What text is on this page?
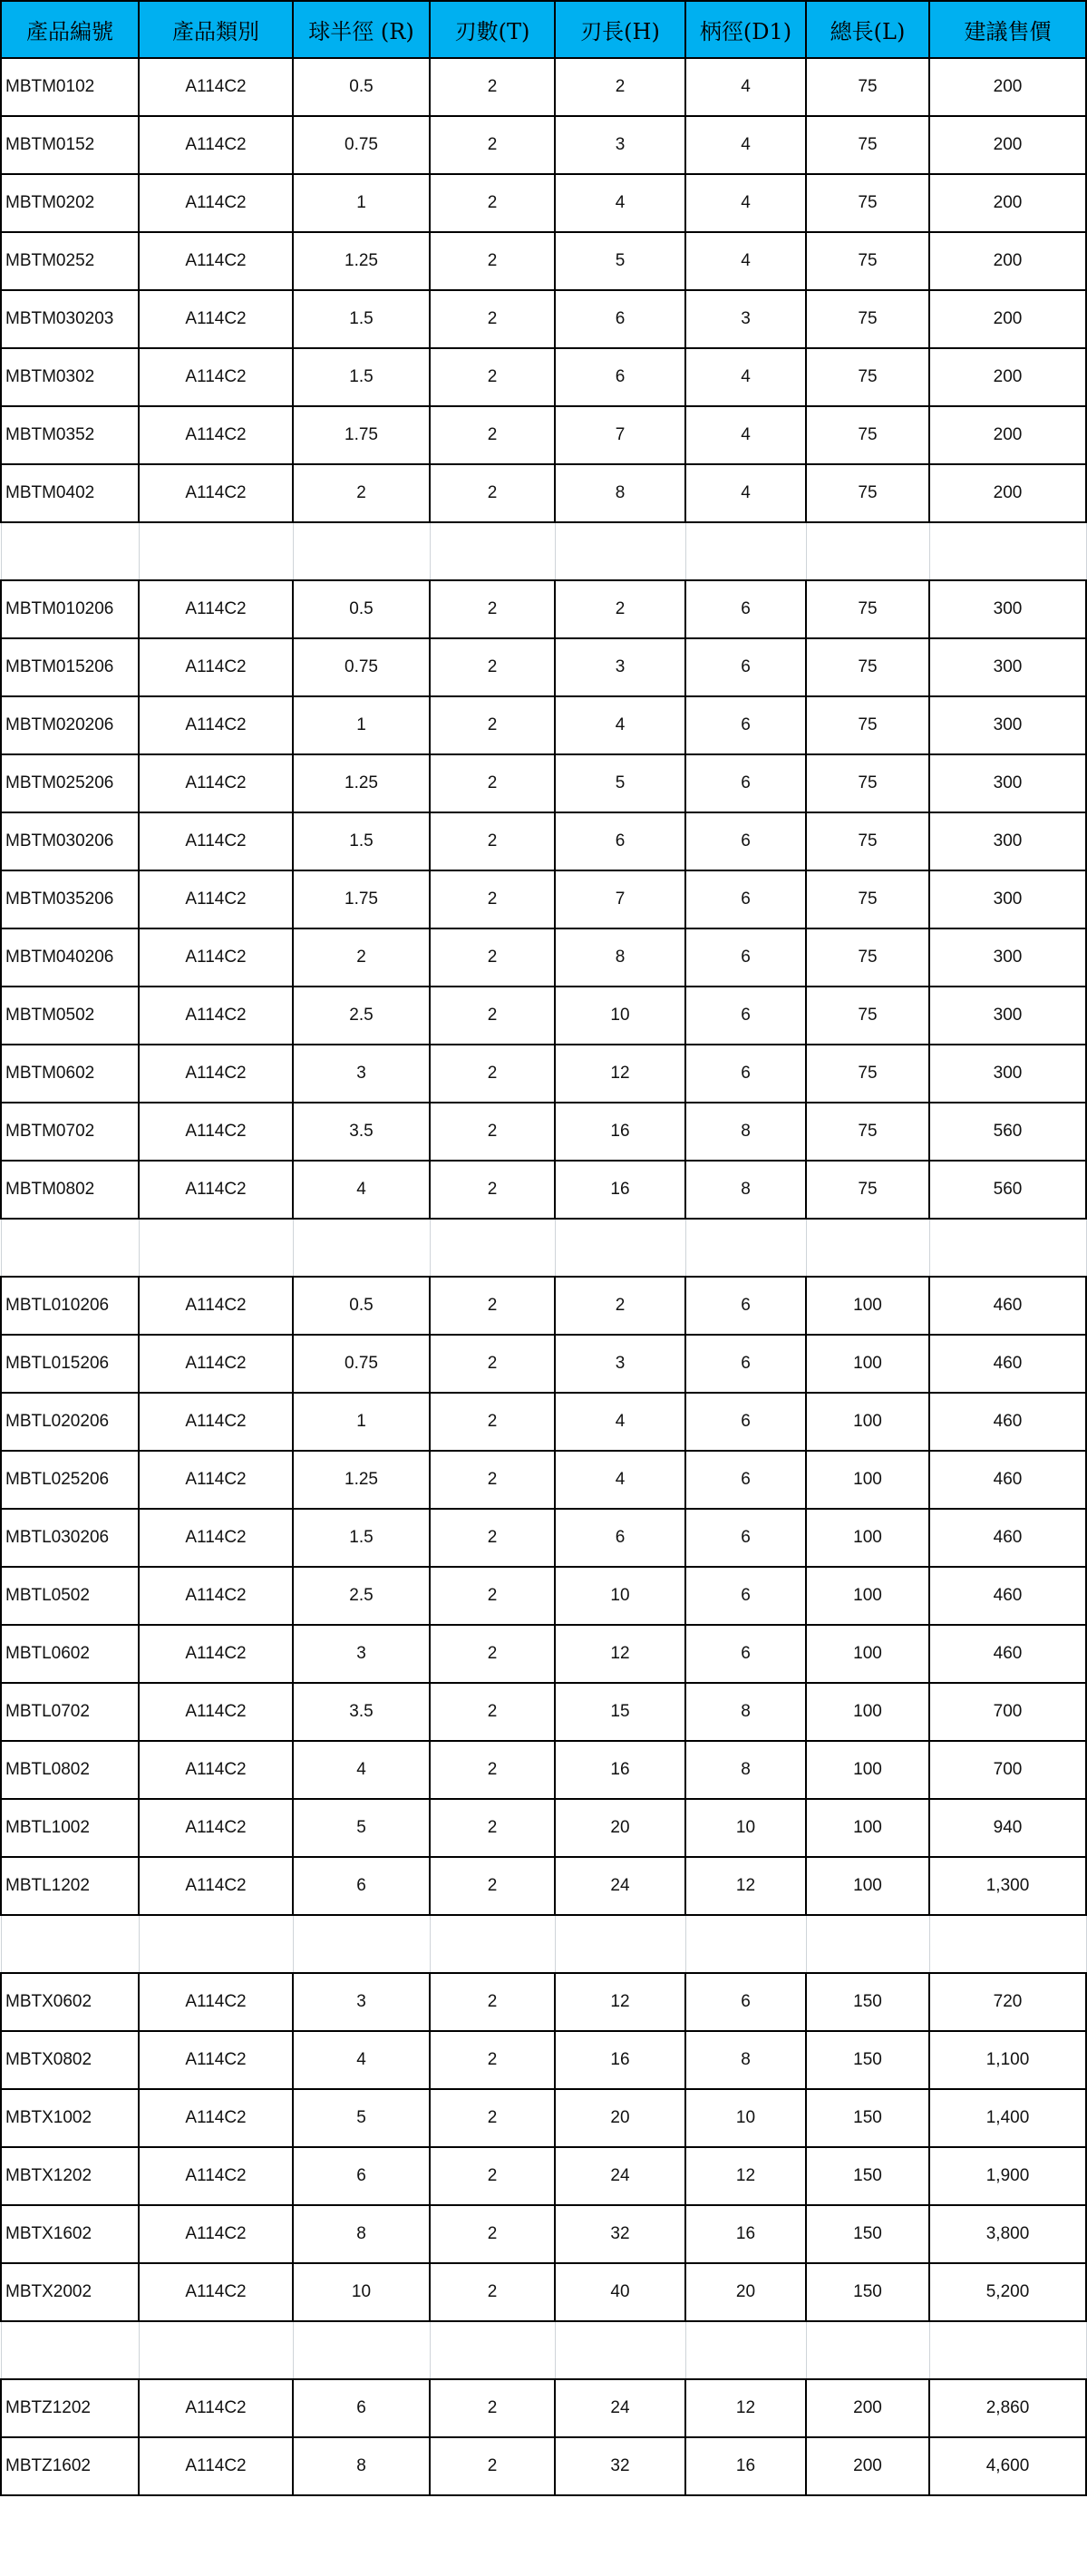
產品編號	產品類別	球半徑 (R)	刃數(T)	刃長(H)	柄徑(D1)	總長(L)	建議售價
MBTM0102	A114C2	0.5	2	2	4	75	200
MBTM0152	A114C2	0.75	2	3	4	75	200
MBTM0202	A114C2	1	2	4	4	75	200
MBTM0252	A114C2	1.25	2	5	4	75	200
MBTM030203	A114C2	1.5	2	6	3	75	200
MBTM0302	A114C2	1.5	2	6	4	75	200
MBTM0352	A114C2	1.75	2	7	4	75	200
MBTM0402	A114C2	2	2	8	4	75	200

MBTM010206	A114C2	0.5	2	2	6	75	300
MBTM015206	A114C2	0.75	2	3	6	75	300
MBTM020206	A114C2	1	2	4	6	75	300
MBTM025206	A114C2	1.25	2	5	6	75	300
MBTM030206	A114C2	1.5	2	6	6	75	300
MBTM035206	A114C2	1.75	2	7	6	75	300
MBTM040206	A114C2	2	2	8	6	75	300
MBTM0502	A114C2	2.5	2	10	6	75	300
MBTM0602	A114C2	3	2	12	6	75	300
MBTM0702	A114C2	3.5	2	16	8	75	560
MBTM0802	A114C2	4	2	16	8	75	560

MBTL010206	A114C2	0.5	2	2	6	100	460
MBTL015206	A114C2	0.75	2	3	6	100	460
MBTL020206	A114C2	1	2	4	6	100	460
MBTL025206	A114C2	1.25	2	4	6	100	460
MBTL030206	A114C2	1.5	2	6	6	100	460
MBTL0502	A114C2	2.5	2	10	6	100	460
MBTL0602	A114C2	3	2	12	6	100	460
MBTL0702	A114C2	3.5	2	15	8	100	700
MBTL0802	A114C2	4	2	16	8	100	700
MBTL1002	A114C2	5	2	20	10	100	940
MBTL1202	A114C2	6	2	24	12	100	1,300

MBTX0602	A114C2	3	2	12	6	150	720
MBTX0802	A114C2	4	2	16	8	150	1,100
MBTX1002	A114C2	5	2	20	10	150	1,400
MBTX1202	A114C2	6	2	24	12	150	1,900
MBTX1602	A114C2	8	2	32	16	150	3,800
MBTX2002	A114C2	10	2	40	20	150	5,200

MBTZ1202	A114C2	6	2	24	12	200	2,860
MBTZ1602	A114C2	8	2	32	16	200	4,600
